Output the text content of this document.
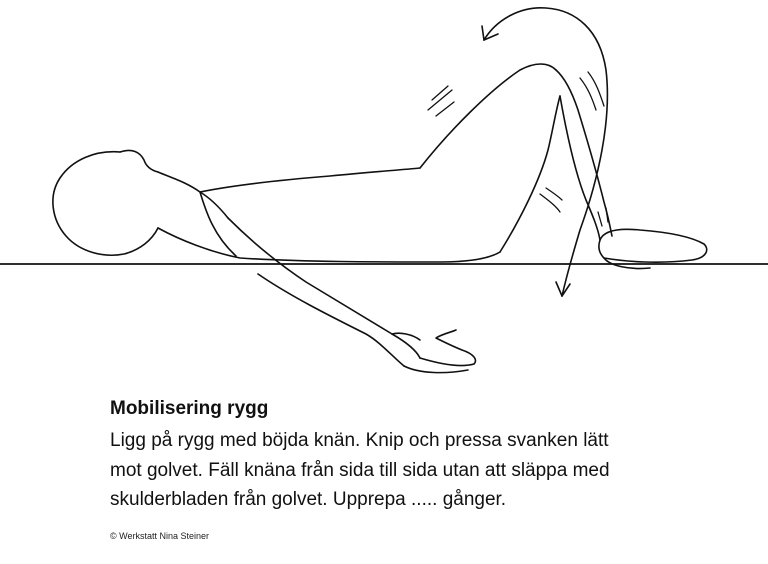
Mobilisering rygg

Ligg på rygg med böjda knän. Knip och pressa svanken lätt
mot golvet. Fäll knäna från sida till sida utan att släppa med
skulderbladen från golvet. Upprepa ..... gånger.

© Werkstatt Nina Steiner
